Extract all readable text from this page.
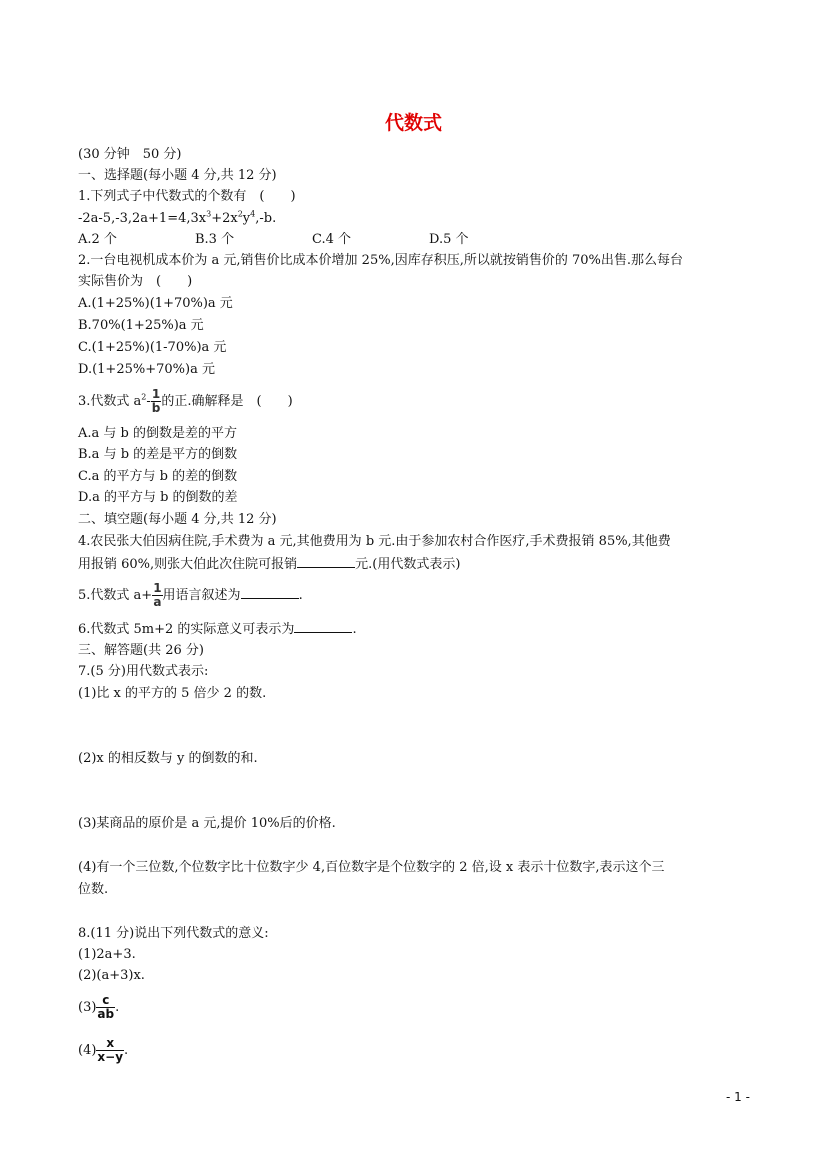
代数式
(30 分钟　50 分)
一、选择题(每小题 4 分,共 12 分)
1.下列式子中代数式的个数有　(　　)
$-2a-5,-3,2a+1=4,3x^3+2x^2y^4,-b$.
A.2 个	B.3 个	C.4 个	D.5 个
2.一台电视机成本价为 a 元,销售价比成本价增加 25%,因库存积压,所以就按销售价的 70%出售.那么每台
实际售价为　(　　)
A.(1+25%)(1+70%)a 元
B.70%(1+25%)a 元
C.(1+25%)(1-70%)a 元
D.(1+25%+70%)a 元
3.代数式 $a^2- \frac{1}{b}$ 的正.确解释是　(　　)
A.a 与 b 的倒数是差的平方
B.a 与 b 的差是平方的倒数
C.a 的平方与 b 的差的倒数
D.a 的平方与 b 的倒数的差
二、填空题(每小题 4 分,共 12 分)
4.农民张大伯因病住院,手术费为 a 元,其他费用为 b 元.由于参加农村合作医疗,手术费报销 85%,其他费
用报销 60%,则张大伯此次住院可报销	元.(用代数式表示)
5.代数式 $a+ \frac{1}{a}$ 用语言叙述为	.
6.代数式 5m+2 的实际意义可表示为	.
三、解答题(共 26 分)
7.(5 分)用代数式表示:
(1)比 x 的平方的 5 倍少 2 的数.
(2)x 的相反数与 y 的倒数的和.
(3)某商品的原价是 a 元,提价 10%后的价格.
(4)有一个三位数,个位数字比十位数字少 4,百位数字是个位数字的 2 倍,设 x 表示十位数字,表示这个三
位数.
8.(11 分)说出下列代数式的意义:
(1)2a+3.
(2)(a+3)x.
$(3) \frac{c}{ab}$ .
$(4) \frac{x}{x-y}$ .
- 1 -
